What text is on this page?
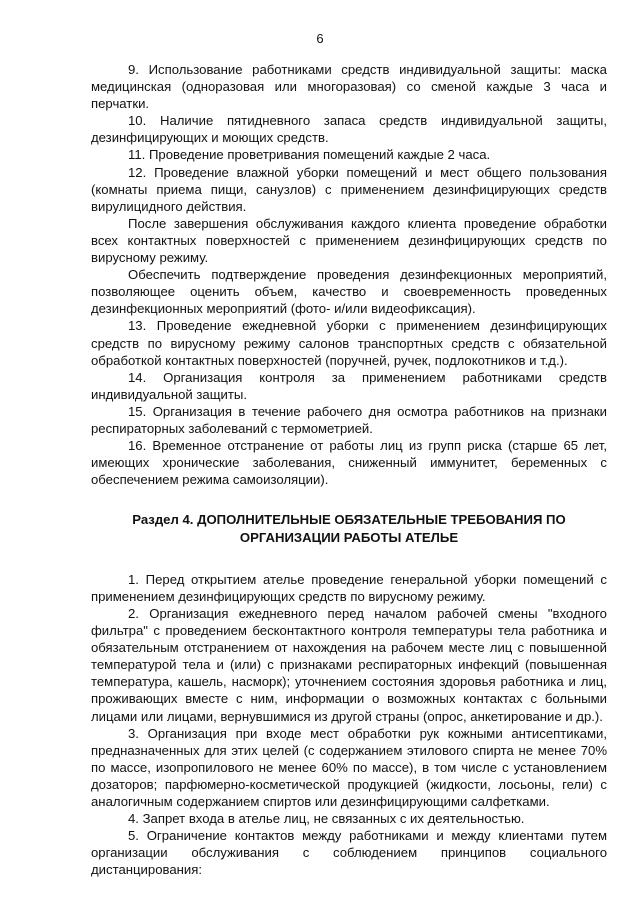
6

9. Использование работниками средств индивидуальной защиты: маска медицинская (одноразовая или многоразовая) со сменой каждые 3 часа и перчатки.

10. Наличие пятидневного запаса средств индивидуальной защиты, дезинфицирующих и моющих средств.

11. Проведение проветривания помещений каждые 2 часа.

12. Проведение влажной уборки помещений и мест общего пользования (комнаты приема пищи, санузлов) с применением дезинфицирующих средств вирулицидного действия.

После завершения обслуживания каждого клиента проведение обработки всех контактных поверхностей с применением дезинфицирующих средств по вирусному режиму.

Обеспечить подтверждение проведения дезинфекционных мероприятий, позволяющее оценить объем, качество и своевременность проведенных дезинфекционных мероприятий (фото- и/или видеофиксация).

13. Проведение ежедневной уборки с применением дезинфицирующих средств по вирусному режиму салонов транспортных средств с обязательной обработкой контактных поверхностей (поручней, ручек, подлокотников и т.д.).

14. Организация контроля за применением работниками средств индивидуальной защиты.

15. Организация в течение рабочего дня осмотра работников на признаки респираторных заболеваний с термометрией.

16. Временное отстранение от работы лиц из групп риска (старше 65 лет, имеющих хронические заболевания, сниженный иммунитет, беременных с обеспечением режима самоизоляции).

Раздел 4. ДОПОЛНИТЕЛЬНЫЕ ОБЯЗАТЕЛЬНЫЕ ТРЕБОВАНИЯ ПО ОРГАНИЗАЦИИ РАБОТЫ АТЕЛЬЕ

1. Перед открытием ателье проведение генеральной уборки помещений с применением дезинфицирующих средств по вирусному режиму.

2. Организация ежедневного перед началом рабочей смены "входного фильтра" с проведением бесконтактного контроля температуры тела работника и обязательным отстранением от нахождения на рабочем месте лиц с повышенной температурой тела и (или) с признаками респираторных инфекций (повышенная температура, кашель, насморк); уточнением состояния здоровья работника и лиц, проживающих вместе с ним, информации о возможных контактах с больными лицами или лицами, вернувшимися из другой страны (опрос, анкетирование и др.).

3. Организация при входе мест обработки рук кожными антисептиками, предназначенных для этих целей (с содержанием этилового спирта не менее 70% по массе, изопропилового не менее 60% по массе), в том числе с установлением дозаторов; парфюмерно-косметической продукцией (жидкости, лосьоны, гели) с аналогичным содержанием спиртов или дезинфицирующими салфетками.

4. Запрет входа в ателье лиц, не связанных с их деятельностью.

5. Ограничение контактов между работниками и между клиентами путем организации обслуживания с соблюдением принципов социального дистанцирования:
